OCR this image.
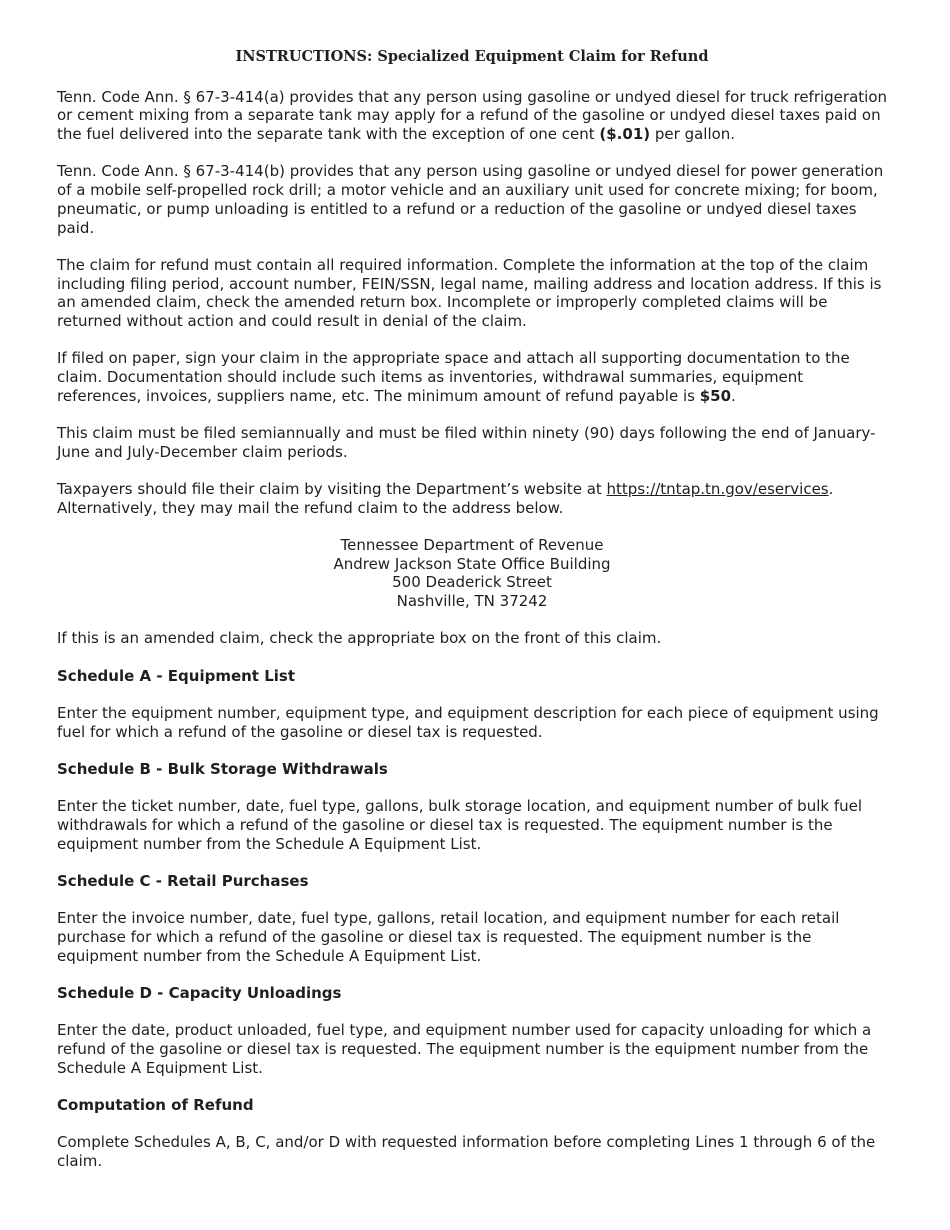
INSTRUCTIONS: Specialized Equipment Claim for Refund

Tenn. Code Ann. § 67-3-414(a) provides that any person using gasoline or undyed diesel for truck refrigeration or cement mixing from a separate tank may apply for a refund of the gasoline or undyed diesel taxes paid on the fuel delivered into the separate tank with the exception of one cent ($.01) per gallon.

Tenn. Code Ann. § 67-3-414(b) provides that any person using gasoline or undyed diesel for power generation of a mobile self-propelled rock drill; a motor vehicle and an auxiliary unit used for concrete mixing; for boom, pneumatic, or pump unloading is entitled to a refund or a reduction of the gasoline or undyed diesel taxes paid.

The claim for refund must contain all required information. Complete the information at the top of the claim including filing period, account number, FEIN/SSN, legal name, mailing address and location address. If this is an amended claim, check the amended return box. Incomplete or improperly completed claims will be returned without action and could result in denial of the claim.

If filed on paper, sign your claim in the appropriate space and attach all supporting documentation to the claim. Documentation should include such items as inventories, withdrawal summaries, equipment references, invoices, suppliers name, etc. The minimum amount of refund payable is $50.

This claim must be filed semiannually and must be filed within ninety (90) days following the end of January-June and July-December claim periods.

Taxpayers should file their claim by visiting the Department’s website at https://tntap.tn.gov/eservices. Alternatively, they may mail the refund claim to the address below.

Tennessee Department of Revenue
Andrew Jackson State Office Building
500 Deaderick Street
Nashville, TN 37242

If this is an amended claim, check the appropriate box on the front of this claim.

Schedule A - Equipment List

Enter the equipment number, equipment type, and equipment description for each piece of equipment using fuel for which a refund of the gasoline or diesel tax is requested.

Schedule B - Bulk Storage Withdrawals

Enter the ticket number, date, fuel type, gallons, bulk storage location, and equipment number of bulk fuel withdrawals for which a refund of the gasoline or diesel tax is requested. The equipment number is the equipment number from the Schedule A Equipment List.

Schedule C - Retail Purchases

Enter the invoice number, date, fuel type, gallons, retail location, and equipment number for each retail purchase for which a refund of the gasoline or diesel tax is requested. The equipment number is the equipment number from the Schedule A Equipment List.

Schedule D - Capacity Unloadings

Enter the date, product unloaded, fuel type, and equipment number used for capacity unloading for which a refund of the gasoline or diesel tax is requested. The equipment number is the equipment number from the Schedule A Equipment List.

Computation of Refund

Complete Schedules A, B, C, and/or D with requested information before completing Lines 1 through 6 of the claim.
